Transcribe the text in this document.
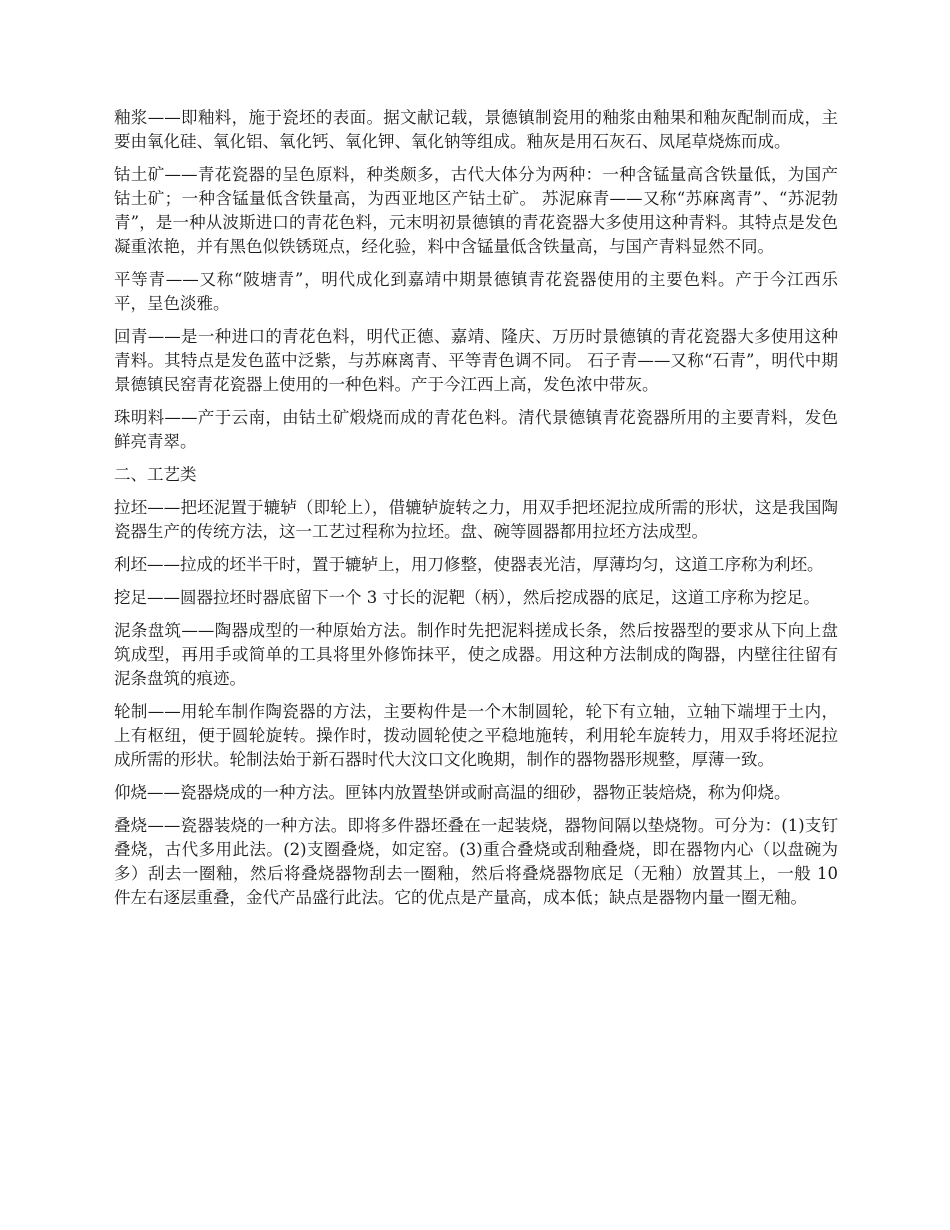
釉浆——即釉料，施于瓷坯的表面。据文献记载，景德镇制瓷用的釉浆由釉果和釉灰配制而成，主要由氧化硅、氧化铝、氧化钙、氧化钾、氧化钠等组成。釉灰是用石灰石、凤尾草烧炼而成。

钴土矿——青花瓷器的呈色原料，种类颇多，古代大体分为两种：一种含锰量高含铁量低，为国产钴土矿；一种含锰量低含铁量高，为西亚地区产钴土矿。 苏泥麻青——又称“苏麻离青”、“苏泥勃青”，是一种从波斯进口的青花色料，元末明初景德镇的青花瓷器大多使用这种青料。其特点是发色凝重浓艳，并有黑色似铁锈斑点，经化验，料中含锰量低含铁量高，与国产青料显然不同。

平等青——又称“陂塘青”，明代成化到嘉靖中期景德镇青花瓷器使用的主要色料。产于今江西乐平，呈色淡雅。

回青——是一种进口的青花色料，明代正德、嘉靖、隆庆、万历时景德镇的青花瓷器大多使用这种青料。其特点是发色蓝中泛紫，与苏麻离青、平等青色调不同。 石子青——又称“石青”，明代中期景德镇民窑青花瓷器上使用的一种色料。产于今江西上高，发色浓中带灰。

珠明料——产于云南，由钴土矿煅烧而成的青花色料。清代景德镇青花瓷器所用的主要青料，发色鲜亮青翠。

二、工艺类

拉坯——把坯泥置于辘轳（即轮上），借辘轳旋转之力，用双手把坯泥拉成所需的形状，这是我国陶瓷器生产的传统方法，这一工艺过程称为拉坯。盘、碗等圆器都用拉坯方法成型。

利坯——拉成的坯半干时，置于辘轳上，用刀修整，使器表光洁，厚薄均匀，这道工序称为利坯。

挖足——圆器拉坯时器底留下一个 3 寸长的泥靶（柄），然后挖成器的底足，这道工序称为挖足。

泥条盘筑——陶器成型的一种原始方法。制作时先把泥料搓成长条，然后按器型的要求从下向上盘筑成型，再用手或简单的工具将里外修饰抹平，使之成器。用这种方法制成的陶器，内壁往往留有泥条盘筑的痕迹。

轮制——用轮车制作陶瓷器的方法，主要构件是一个木制圆轮，轮下有立轴，立轴下端埋于土内，上有枢纽，便于圆轮旋转。操作时，拨动圆轮使之平稳地施转，利用轮车旋转力，用双手将坯泥拉成所需的形状。轮制法始于新石器时代大汶口文化晚期，制作的器物器形规整，厚薄一致。

仰烧——瓷器烧成的一种方法。匣钵内放置垫饼或耐高温的细砂，器物正装焙烧，称为仰烧。

叠烧——瓷器装烧的一种方法。即将多件器坯叠在一起装烧，器物间隔以垫烧物。可分为：(1)支钉叠烧，古代多用此法。(2)支圈叠烧，如定窑。(3)重合叠烧或刮釉叠烧，即在器物内心（以盘碗为多）刮去一圈釉，然后将叠烧器物刮去一圈釉，然后将叠烧器物底足（无釉）放置其上，一般 10 件左右逐层重叠，金代产品盛行此法。它的优点是产量高，成本低；缺点是器物内量一圈无釉。
